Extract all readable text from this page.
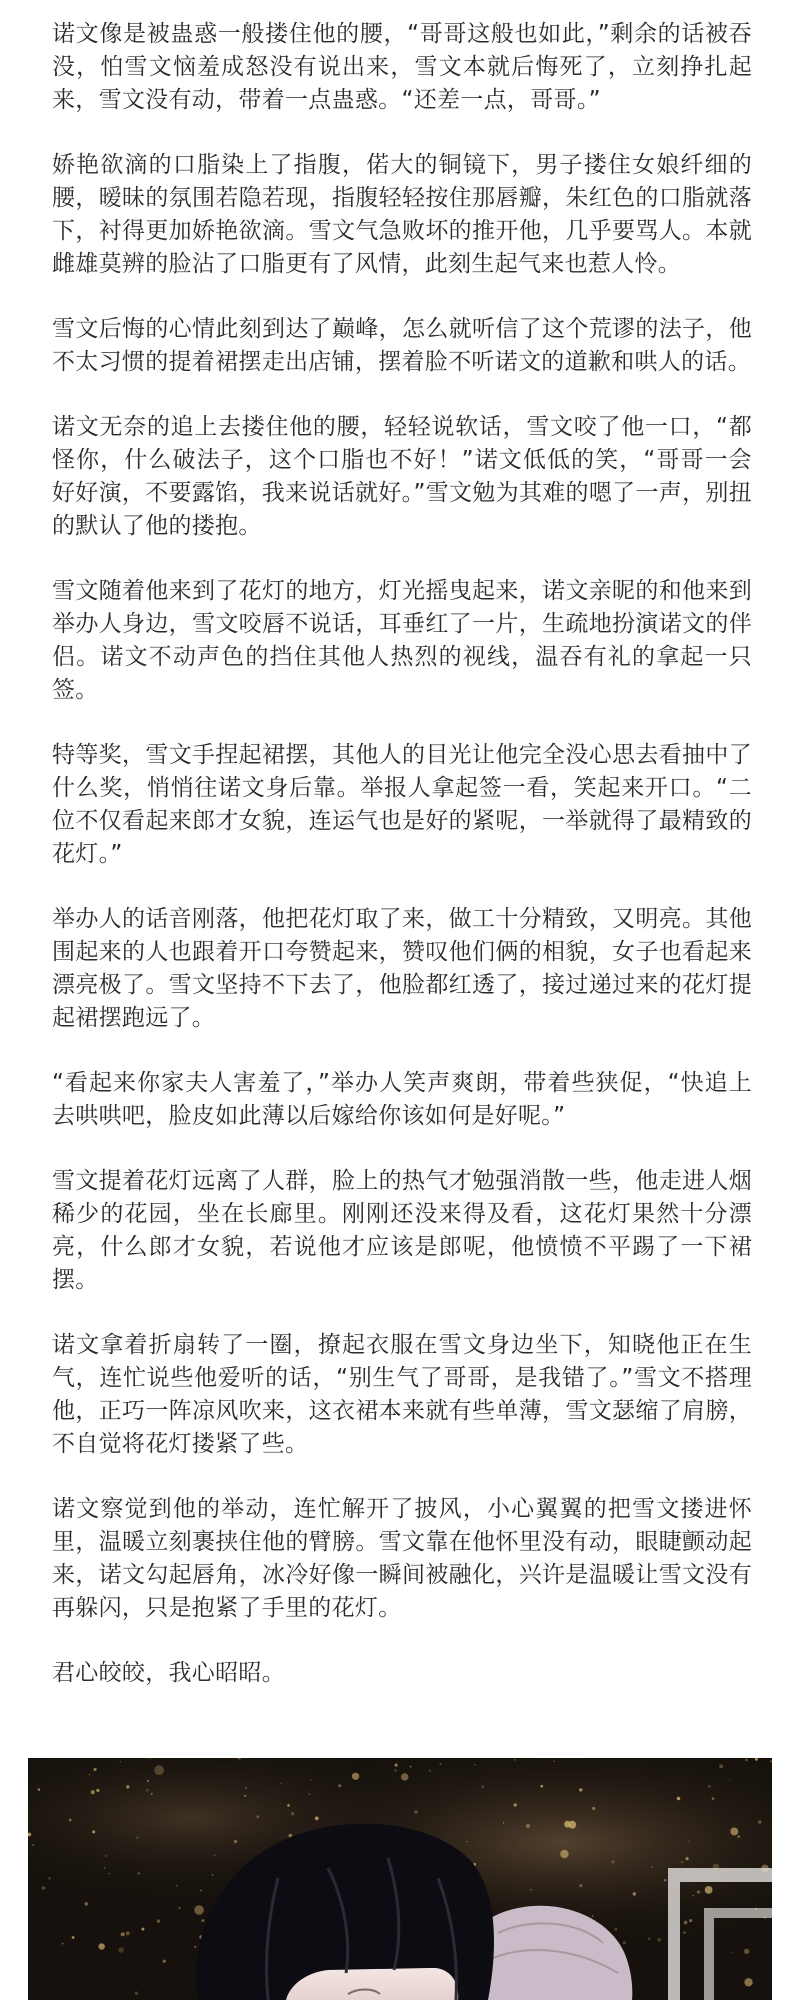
诺文像是被蛊惑一般搂住他的腰，“哥哥这般也如此，”剩余的话被吞没，怕雪文恼羞成怒没有说出来，雪文本就后悔死了，立刻挣扎起来，雪文没有动，带着一点蛊惑。“还差一点，哥哥。”

娇艳欲滴的口脂染上了指腹，偌大的铜镜下，男子搂住女娘纤细的腰，暧昧的氛围若隐若现，指腹轻轻按住那唇瓣，朱红色的口脂就落下，衬得更加娇艳欲滴。雪文气急败坏的推开他，几乎要骂人。本就雌雄莫辨的脸沾了口脂更有了风情，此刻生起气来也惹人怜。

雪文后悔的心情此刻到达了巅峰，怎么就听信了这个荒谬的法子，他不太习惯的提着裙摆走出店铺，摆着脸不听诺文的道歉和哄人的话。

诺文无奈的追上去搂住他的腰，轻轻说软话，雪文咬了他一口，“都怪你，什么破法子，这个口脂也不好！”诺文低低的笑，“哥哥一会好好演，不要露馅，我来说话就好。”雪文勉为其难的嗯了一声，别扭的默认了他的搂抱。

雪文随着他来到了花灯的地方，灯光摇曳起来，诺文亲昵的和他来到举办人身边，雪文咬唇不说话，耳垂红了一片，生疏地扮演诺文的伴侣。诺文不动声色的挡住其他人热烈的视线，温吞有礼的拿起一只签。

特等奖，雪文手捏起裙摆，其他人的目光让他完全没心思去看抽中了什么奖，悄悄往诺文身后靠。举报人拿起签一看，笑起来开口。“二位不仅看起来郎才女貌，连运气也是好的紧呢，一举就得了最精致的花灯。”

举办人的话音刚落，他把花灯取了来，做工十分精致，又明亮。其他围起来的人也跟着开口夸赞起来，赞叹他们俩的相貌，女子也看起来漂亮极了。雪文坚持不下去了，他脸都红透了，接过递过来的花灯提起裙摆跑远了。

“看起来你家夫人害羞了，”举办人笑声爽朗，带着些狭促，“快追上去哄哄吧，脸皮如此薄以后嫁给你该如何是好呢。”

雪文提着花灯远离了人群，脸上的热气才勉强消散一些，他走进人烟稀少的花园，坐在长廊里。刚刚还没来得及看，这花灯果然十分漂亮，什么郎才女貌，若说他才应该是郎呢，他愤愤不平踢了一下裙摆。

诺文拿着折扇转了一圈，撩起衣服在雪文身边坐下，知晓他正在生气，连忙说些他爱听的话，“别生气了哥哥，是我错了。”雪文不搭理他，正巧一阵凉风吹来，这衣裙本来就有些单薄，雪文瑟缩了肩膀，不自觉将花灯搂紧了些。

诺文察觉到他的举动，连忙解开了披风，小心翼翼的把雪文搂进怀里，温暖立刻裹挟住他的臂膀。雪文靠在他怀里没有动，眼睫颤动起来，诺文勾起唇角，冰冷好像一瞬间被融化，兴许是温暖让雪文没有再躲闪，只是抱紧了手里的花灯。

君心皎皎，我心昭昭。
